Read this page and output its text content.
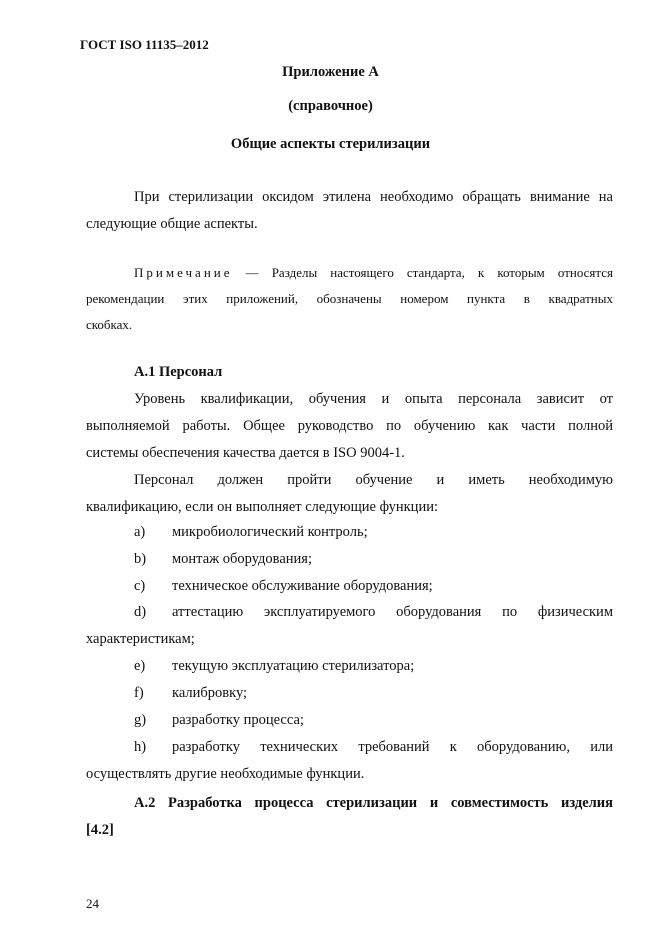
ГОСТ ISO 11135–2012
Приложение А
(справочное)
Общие аспекты стерилизации
При стерилизации оксидом этилена необходимо обращать внимание на
следующие общие аспекты.
Примечание — Разделы настоящего стандарта, к которым относятся
рекомендации этих приложений, обозначены номером пункта в квадратных
скобках.
А.1 Персонал
Уровень квалификации, обучения и опыта персонала зависит от
выполняемой работы. Общее руководство по обучению как части полной
системы обеспечения качества дается в ISO 9004-1.
Персонал должен пройти обучение и иметь необходимую
квалификацию, если он выполняет следующие функции:
a) микробиологический контроль;
b) монтаж оборудования;
c) техническое обслуживание оборудования;
d) аттестацию эксплуатируемого оборудования по физическим
характеристикам;
e) текущую эксплуатацию стерилизатора;
f) калибровку;
g) разработку процесса;
h) разработку технических требований к оборудованию, или
осуществлять другие необходимые функции.
А.2 Разработка процесса стерилизации и совместимость изделия
[4.2]
24
